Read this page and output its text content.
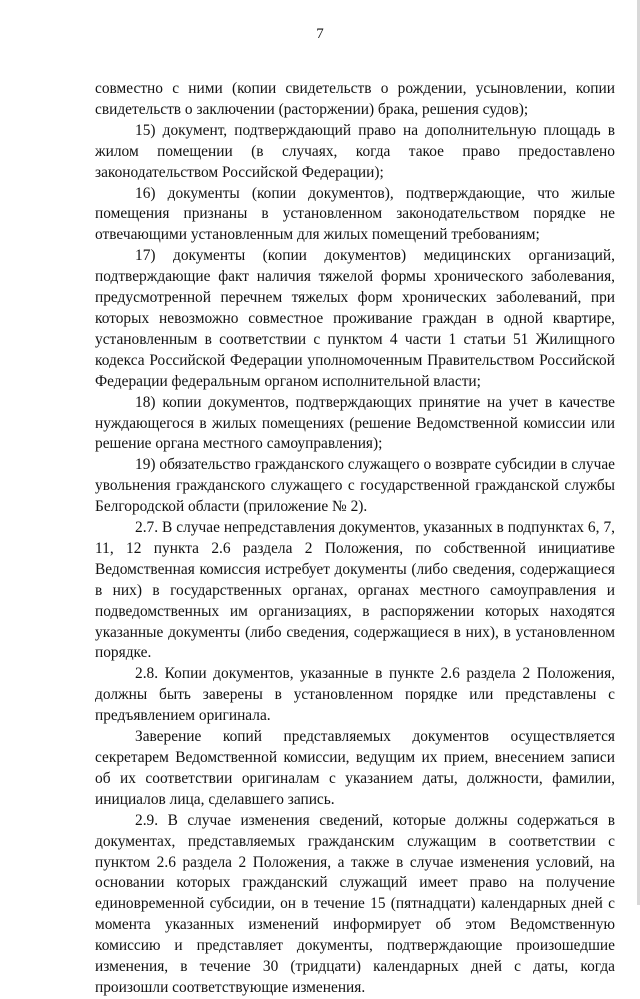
7

совместно с ними (копии свидетельств о рождении, усыновлении, копии свидетельств о заключении (расторжении) брака, решения судов);

15) документ, подтверждающий право на дополнительную площадь в жилом помещении (в случаях, когда такое право предоставлено законодательством Российской Федерации);

16) документы (копии документов), подтверждающие, что жилые помещения признаны в установленном законодательством порядке не отвечающими установленным для жилых помещений требованиям;

17) документы (копии документов) медицинских организаций, подтверждающие факт наличия тяжелой формы хронического заболевания, предусмотренной перечнем тяжелых форм хронических заболеваний, при которых невозможно совместное проживание граждан в одной квартире, установленным в соответствии с пунктом 4 части 1 статьи 51 Жилищного кодекса Российской Федерации уполномоченным Правительством Российской Федерации федеральным органом исполнительной власти;

18) копии документов, подтверждающих принятие на учет в качестве нуждающегося в жилых помещениях (решение Ведомственной комиссии или решение органа местного самоуправления);

19) обязательство гражданского служащего о возврате субсидии в случае увольнения гражданского служащего с государственной гражданской службы Белгородской области (приложение № 2).

2.7. В случае непредставления документов, указанных в подпунктах 6, 7, 11, 12 пункта 2.6 раздела 2 Положения, по собственной инициативе Ведомственная комиссия истребует документы (либо сведения, содержащиеся в них) в государственных органах, органах местного самоуправления и подведомственных им организациях, в распоряжении которых находятся указанные документы (либо сведения, содержащиеся в них), в установленном порядке.

2.8. Копии документов, указанные в пункте 2.6 раздела 2 Положения, должны быть заверены в установленном порядке или представлены с предъявлением оригинала.

Заверение копий представляемых документов осуществляется секретарем Ведомственной комиссии, ведущим их прием, внесением записи об их соответствии оригиналам с указанием даты, должности, фамилии, инициалов лица, сделавшего запись.

2.9. В случае изменения сведений, которые должны содержаться в документах, представляемых гражданским служащим в соответствии с пунктом 2.6 раздела 2 Положения, а также в случае изменения условий, на основании которых гражданский служащий имеет право на получение единовременной субсидии, он в течение 15 (пятнадцати) календарных дней с момента указанных изменений информирует об этом Ведомственную комиссию и представляет документы, подтверждающие произошедшие изменения, в течение 30 (тридцати) календарных дней с даты, когда произошли соответствующие изменения.
